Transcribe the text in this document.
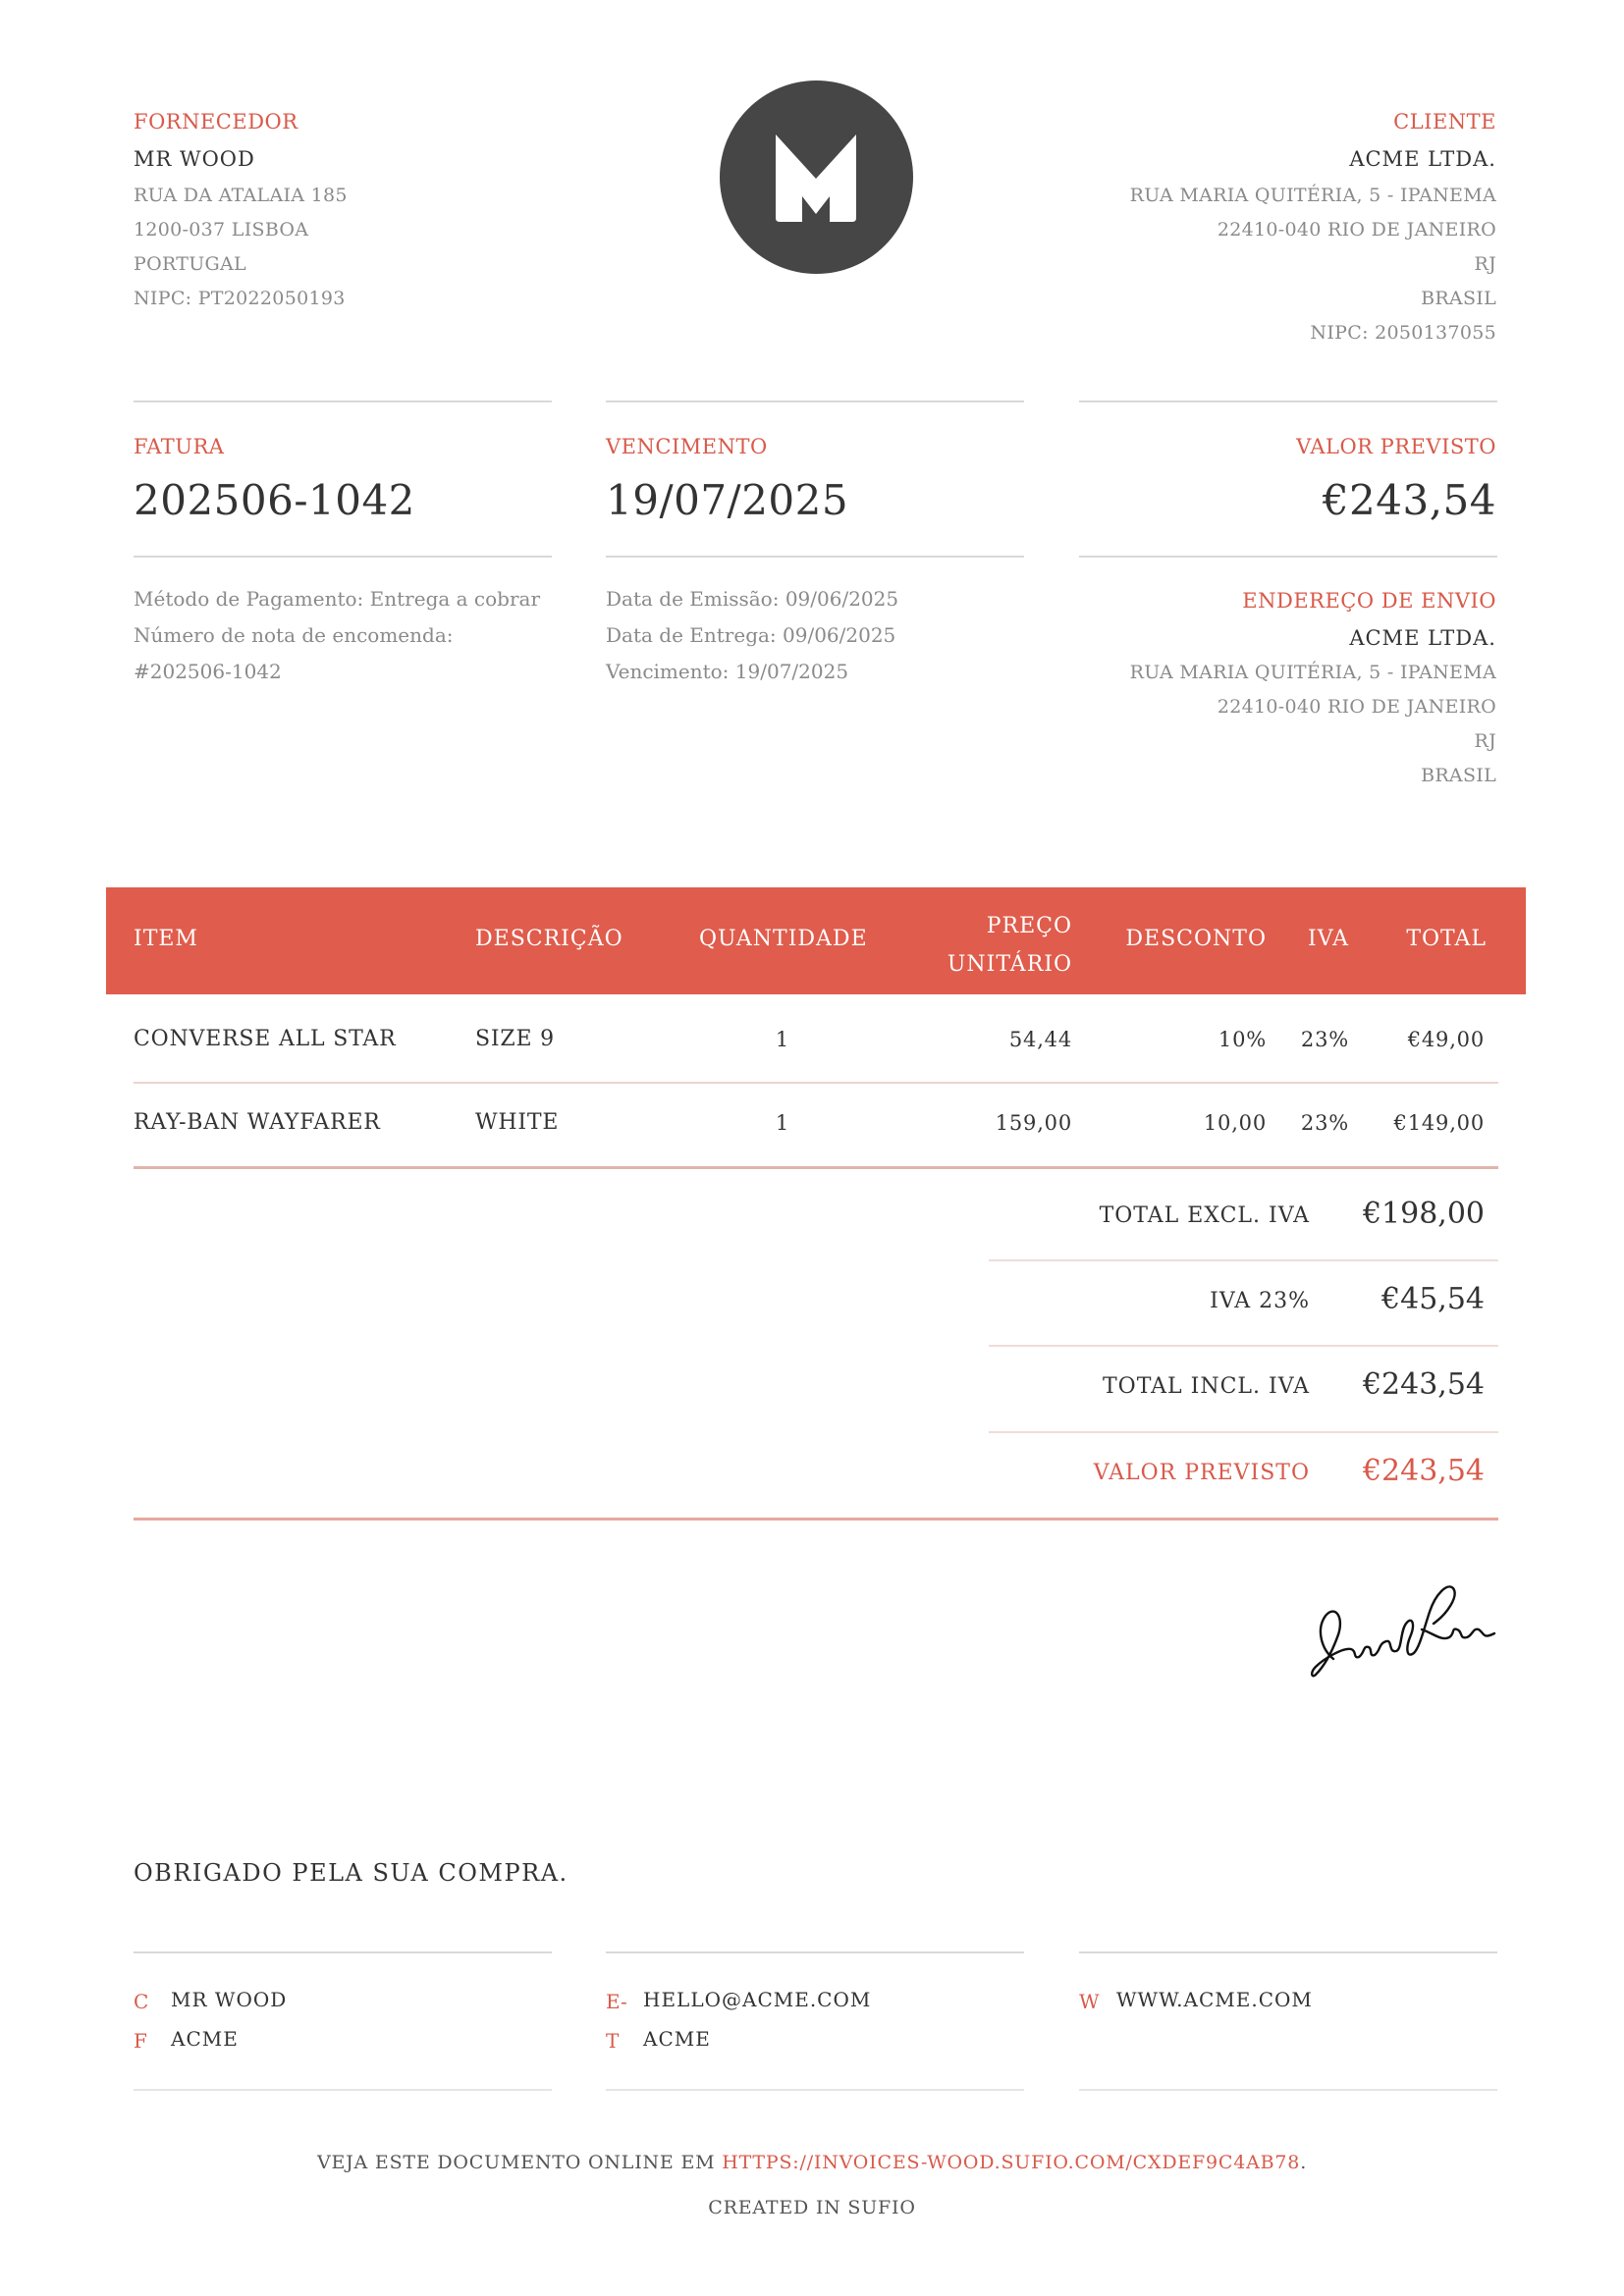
FORNECEDOR
MR WOOD
RUA DA ATALAIA 185
1200-037 LISBOA
PORTUGAL
NIPC: PT2022050193
CLIENTE
ACME LTDA.
RUA MARIA QUITÉRIA, 5 - IPANEMA
22410-040 RIO DE JANEIRO
RJ
BRASIL
NIPC: 2050137055
FATURA
202506-1042
VENCIMENTO
19/07/2025
VALOR PREVISTO
€243,54
Método de Pagamento: Entrega a cobrar
Número de nota de encomenda:
#202506-1042
Data de Emissão: 09/06/2025
Data de Entrega: 09/06/2025
Vencimento: 19/07/2025
ENDEREÇO DE ENVIO
ACME LTDA.
RUA MARIA QUITÉRIA, 5 - IPANEMA
22410-040 RIO DE JANEIRO
RJ
BRASIL
ITEM	DESCRIÇÃO	QUANTIDADE
PREÇO
UNITÁRIO
DESCONTO IVA	TOTAL
CONVERSE ALL STAR	SIZE 9	1	54,44	10% 23%	€49,00
RAY-BAN WAYFARER	WHITE	1	159,00	10,00 23% €149,00
TOTAL EXCL. IVA €198,00
IVA 23% €45,54
TOTAL INCL. IVA €243,54
VALOR PREVISTO €243,54
OBRIGADO PELA SUA COMPRA.
C MR WOOD
F ACME
E- HELLO@ACME.COM
T ACME
W WWW.ACME.COM
VEJA ESTE DOCUMENTO ONLINE EM HTTPS://INVOICES-WOOD.SUFIO.COM/CXDEF9C4AB78.
CREATED IN SUFIO
